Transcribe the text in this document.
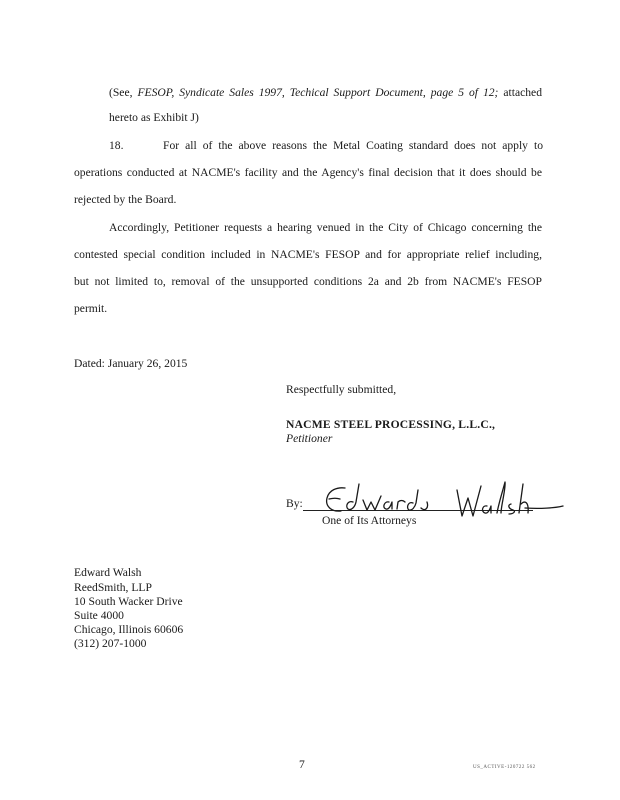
(See, FESOP, Syndicate Sales 1997, Techical Support Document, page 5 of 12; attached
hereto as Exhibit J)
18.	For all of the above reasons the Metal Coating standard does not apply to
operations conducted at NACME's facility and the Agency's final decision that it does should be
rejected by the Board.
Accordingly, Petitioner requests a hearing venued in the City of Chicago concerning the
contested special condition included in NACME's FESOP and for appropriate relief including,
but not limited to, removal of the unsupported conditions 2a and 2b from NACME's FESOP
permit.
Dated: January 26, 2015
Respectfully submitted,
NACME STEEL PROCESSING, L.L.C.,
Petitioner
By:
One of Its Attorneys
Edward Walsh
ReedSmith, LLP
10 South Wacker Drive
Suite 4000
Chicago, Illinois 60606
(312) 207-1000
7	US_ACTIVE-120722 562
